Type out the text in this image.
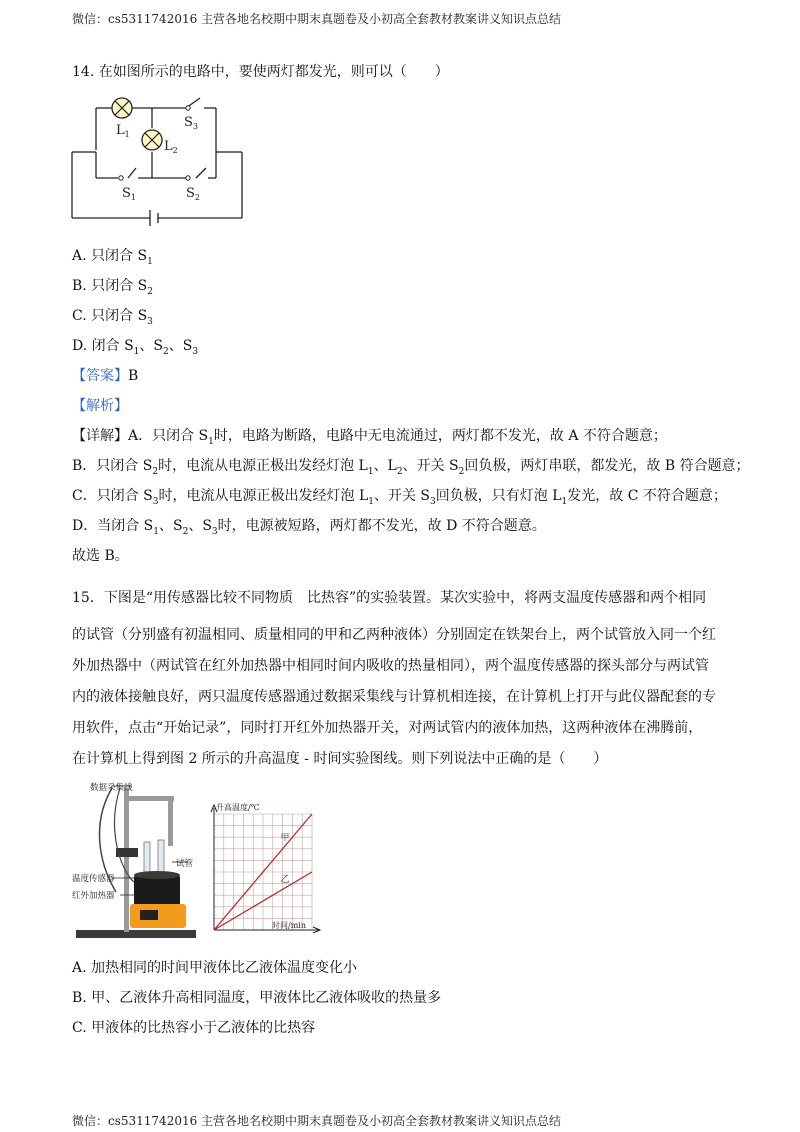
微信：cs5311742016 主营各地名校期中期末真题卷及小初高全套教材教案讲义知识点总结
14. 在如图所示的电路中，要使两灯都发光，则可以（　　）
$L_1$
$L_2$
$S_3$
$S_1$	$S_2$
A. 只闭合 $S_1$
B. 只闭合 $S_2$
C. 只闭合 $S_3$
D. 闭合 $S_1$、$S_2$、$S_3$
【答案】B
【解析】
【详解】A．只闭合 $S_1$时，电路为断路，电路中无电流通过，两灯都不发光，故 A 不符合题意；
B．只闭合 $S_2$时，电流从电源正极出发经灯泡 $L_1$、$L_2$、开关 $S_2$回负极，两灯串联，都发光，故 B 符合题意；
C．只闭合 $S_3$时，电流从电源正极出发经灯泡 $L_1$、开关 $S_3$回负极，只有灯泡 $L_1$发光，故 C 不符合题意；
D．当闭合 $S_1$、$S_2$、$S_3$时，电源被短路，两灯都不发光，故 D 不符合题意。
故选 B。
15．下图是“用传感器比较不同物质　比热容”的实验装置。某次实验中，将两支温度传感器和两个相同
的试管（分别盛有初温相同、质量相同的甲和乙两种液体）分别固定在铁架台上，两个试管放入同一个红
外加热器中（两试管在红外加热器中相同时间内吸收的热量相同），两个温度传感器的探头部分与两试管
内的液体接触良好，两只温度传感器通过数据采集线与计算机相连接，在计算机上打开与此仪器配套的专
用软件，点击“开始记录”，同时打开红外加热器开关，对两试管内的液体加热，这两种液体在沸腾前，
在计算机上得到图 2 所示的升高温度 - 时间实验图线。则下列说法中正确的是（　　）
数据采集线
试管
温度传感器
红外加热器
甲
乙
升高温度/℃
时间/min
A. 加热相同的时间甲液体比乙液体温度变化小
B. 甲、乙液体升高相同温度，甲液体比乙液体吸收的热量多
C. 甲液体的比热容小于乙液体的比热容
微信：cs5311742016 主营各地名校期中期末真题卷及小初高全套教材教案讲义知识点总结
